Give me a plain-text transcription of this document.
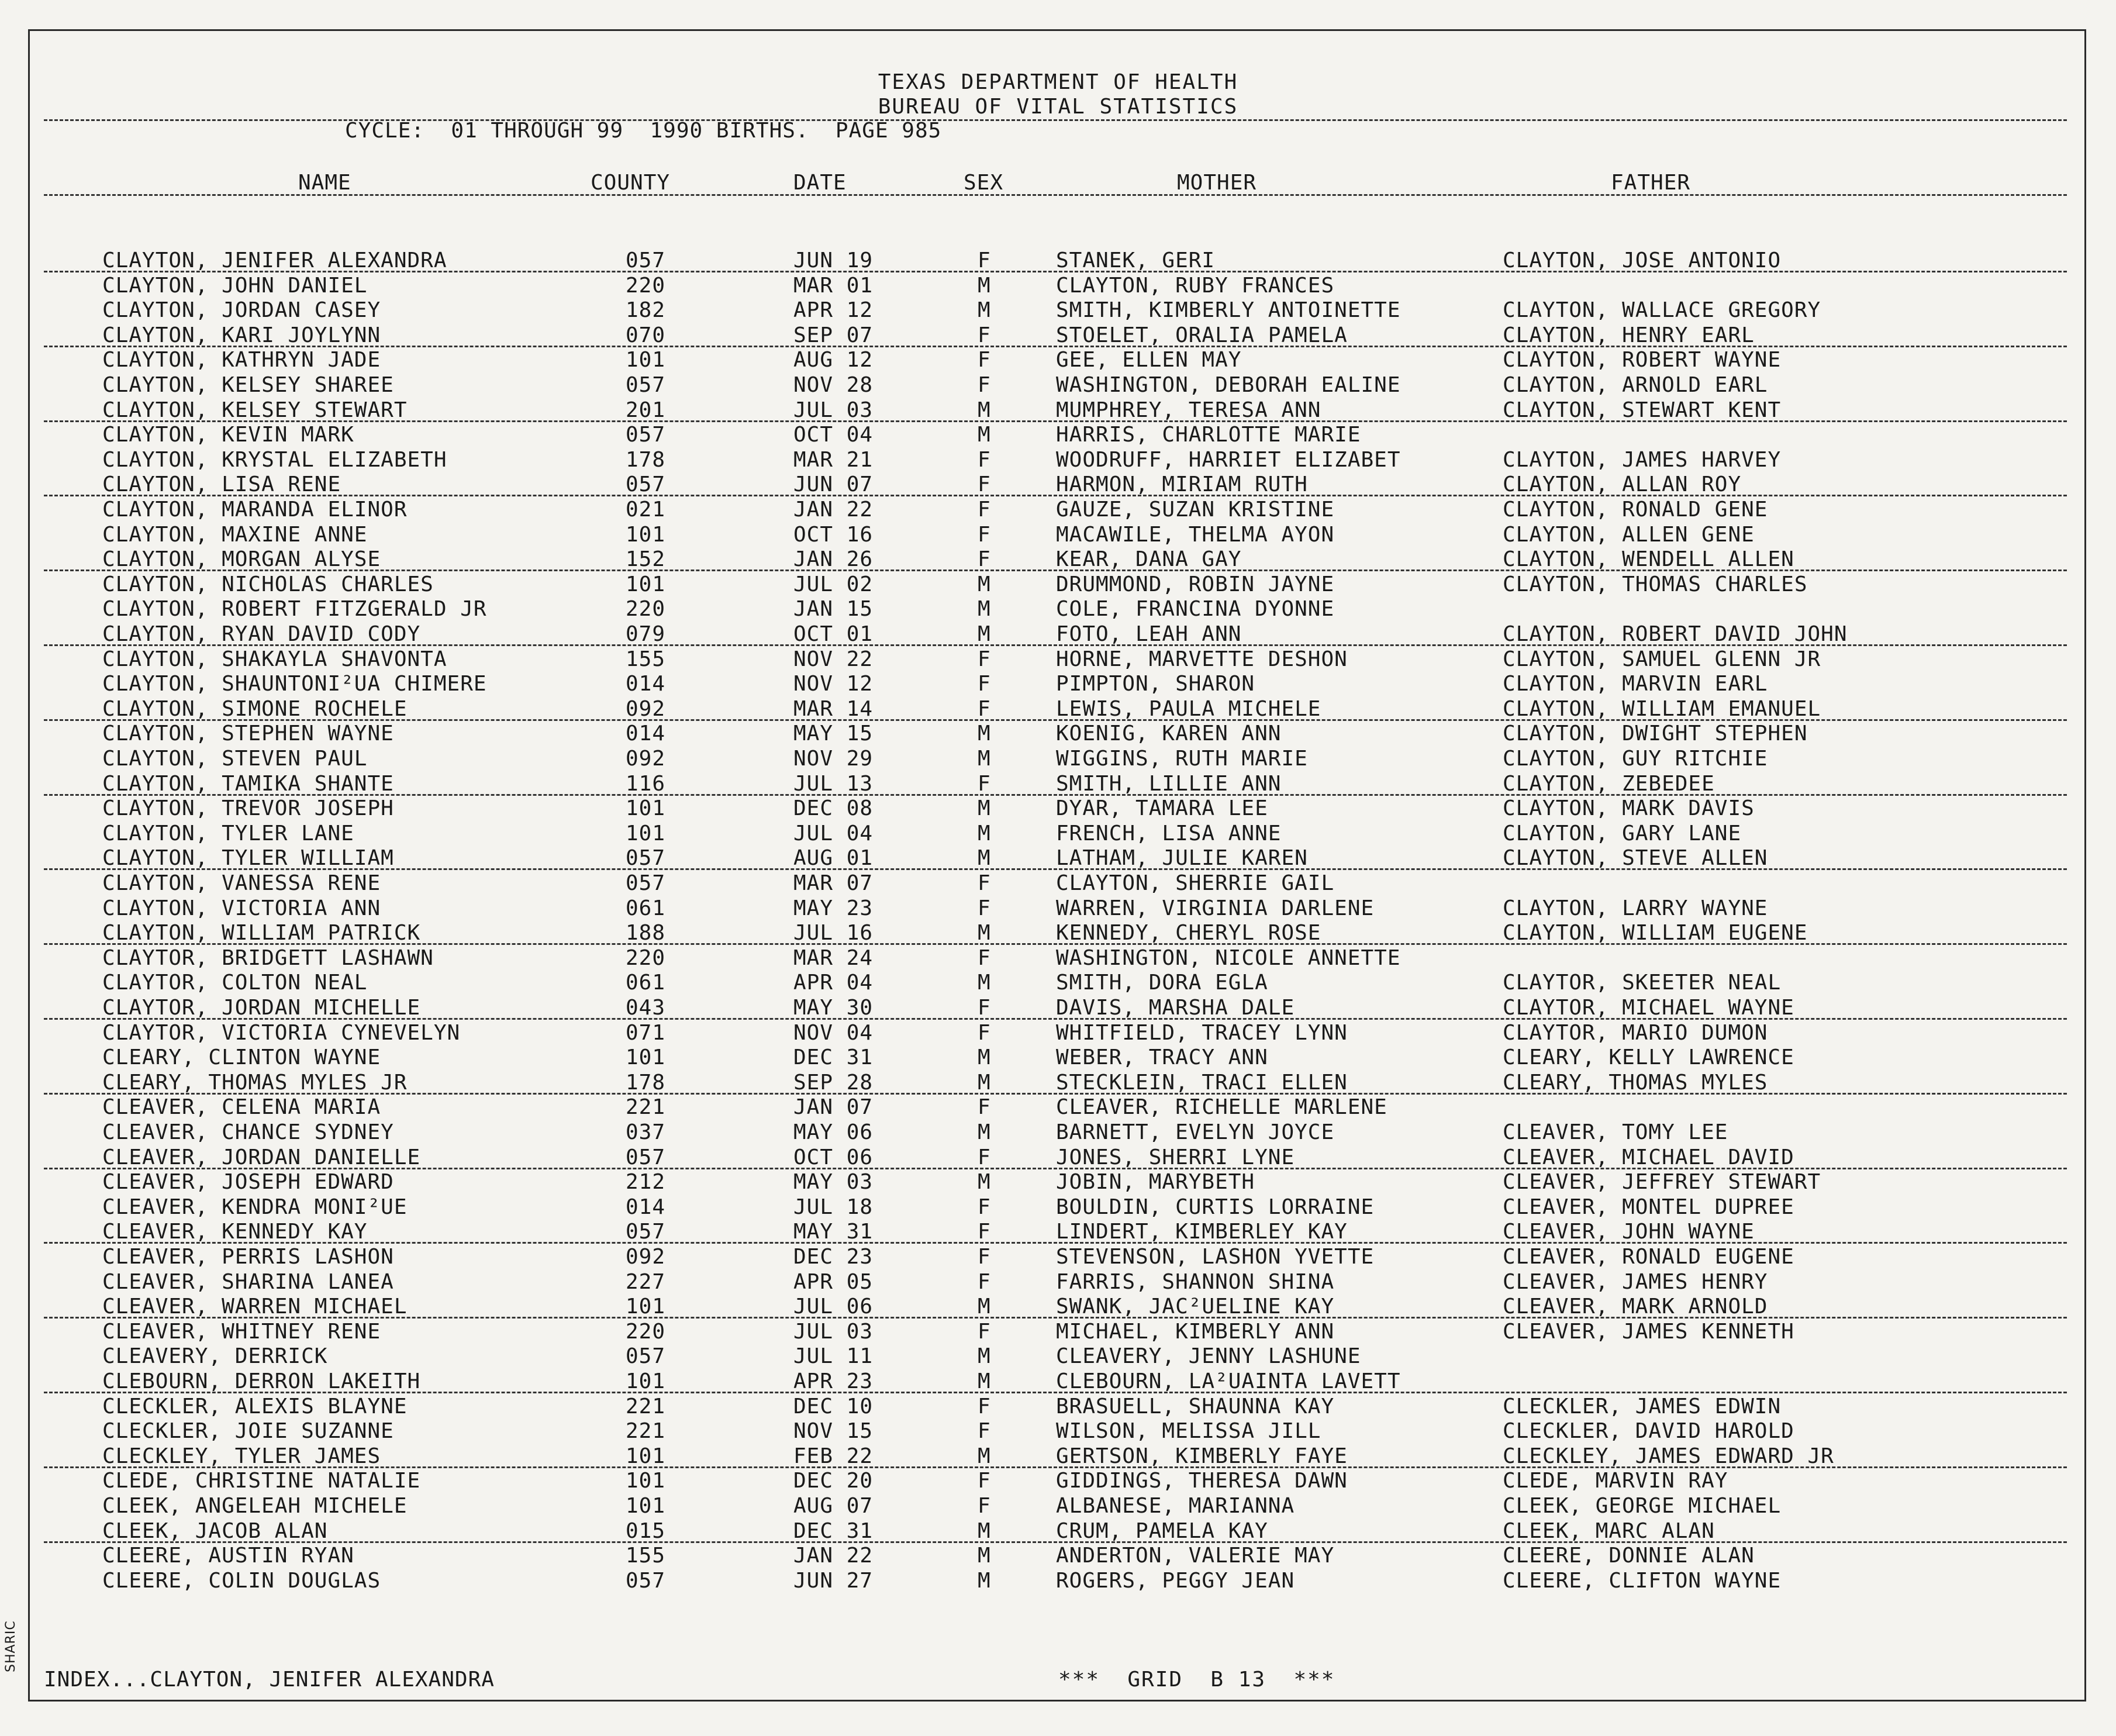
TEXAS DEPARTMENT OF HEALTH
BUREAU OF VITAL STATISTICS
CYCLE:  01 THROUGH 99  1990 BIRTHS.  PAGE 985
NAME	COUNTY	DATE	SEX	MOTHER	FATHER
CLAYTON, JENIFER ALEXANDRA	057	JUN 19	F	STANEK, GERI	CLAYTON, JOSE ANTONIO
CLAYTON, JOHN DANIEL	220	MAR 01	M	CLAYTON, RUBY FRANCES
CLAYTON, JORDAN CASEY	182	APR 12	M	SMITH, KIMBERLY ANTOINETTE	CLAYTON, WALLACE GREGORY
CLAYTON, KARI JOYLYNN	070	SEP 07	F	STOELET, ORALIA PAMELA	CLAYTON, HENRY EARL
CLAYTON, KATHRYN JADE	101	AUG 12	F	GEE, ELLEN MAY	CLAYTON, ROBERT WAYNE
CLAYTON, KELSEY SHAREE	057	NOV 28	F	WASHINGTON, DEBORAH EALINE	CLAYTON, ARNOLD EARL
CLAYTON, KELSEY STEWART	201	JUL 03	M	MUMPHREY, TERESA ANN	CLAYTON, STEWART KENT
CLAYTON, KEVIN MARK	057	OCT 04	M	HARRIS, CHARLOTTE MARIE
CLAYTON, KRYSTAL ELIZABETH	178	MAR 21	F	WOODRUFF, HARRIET ELIZABET	CLAYTON, JAMES HARVEY
CLAYTON, LISA RENE	057	JUN 07	F	HARMON, MIRIAM RUTH	CLAYTON, ALLAN ROY
CLAYTON, MARANDA ELINOR	021	JAN 22	F	GAUZE, SUZAN KRISTINE	CLAYTON, RONALD GENE
CLAYTON, MAXINE ANNE	101	OCT 16	F	MACAWILE, THELMA AYON	CLAYTON, ALLEN GENE
CLAYTON, MORGAN ALYSE	152	JAN 26	F	KEAR, DANA GAY	CLAYTON, WENDELL ALLEN
CLAYTON, NICHOLAS CHARLES	101	JUL 02	M	DRUMMOND, ROBIN JAYNE	CLAYTON, THOMAS CHARLES
CLAYTON, ROBERT FITZGERALD JR	220	JAN 15	M	COLE, FRANCINA DYONNE
CLAYTON, RYAN DAVID CODY	079	OCT 01	M	FOTO, LEAH ANN	CLAYTON, ROBERT DAVID JOHN
CLAYTON, SHAKAYLA SHAVONTA	155	NOV 22	F	HORNE, MARVETTE DESHON	CLAYTON, SAMUEL GLENN JR
CLAYTON, SHAUNTONI²UA CHIMERE	014	NOV 12	F	PIMPTON, SHARON	CLAYTON, MARVIN EARL
CLAYTON, SIMONE ROCHELE	092	MAR 14	F	LEWIS, PAULA MICHELE	CLAYTON, WILLIAM EMANUEL
CLAYTON, STEPHEN WAYNE	014	MAY 15	M	KOENIG, KAREN ANN	CLAYTON, DWIGHT STEPHEN
CLAYTON, STEVEN PAUL	092	NOV 29	M	WIGGINS, RUTH MARIE	CLAYTON, GUY RITCHIE
CLAYTON, TAMIKA SHANTE	116	JUL 13	F	SMITH, LILLIE ANN	CLAYTON, ZEBEDEE
CLAYTON, TREVOR JOSEPH	101	DEC 08	M	DYAR, TAMARA LEE	CLAYTON, MARK DAVIS
CLAYTON, TYLER LANE	101	JUL 04	M	FRENCH, LISA ANNE	CLAYTON, GARY LANE
CLAYTON, TYLER WILLIAM	057	AUG 01	M	LATHAM, JULIE KAREN	CLAYTON, STEVE ALLEN
CLAYTON, VANESSA RENE	057	MAR 07	F	CLAYTON, SHERRIE GAIL
CLAYTON, VICTORIA ANN	061	MAY 23	F	WARREN, VIRGINIA DARLENE	CLAYTON, LARRY WAYNE
CLAYTON, WILLIAM PATRICK	188	JUL 16	M	KENNEDY, CHERYL ROSE	CLAYTON, WILLIAM EUGENE
CLAYTOR, BRIDGETT LASHAWN	220	MAR 24	F	WASHINGTON, NICOLE ANNETTE
CLAYTOR, COLTON NEAL	061	APR 04	M	SMITH, DORA EGLA	CLAYTOR, SKEETER NEAL
CLAYTOR, JORDAN MICHELLE	043	MAY 30	F	DAVIS, MARSHA DALE	CLAYTOR, MICHAEL WAYNE
CLAYTOR, VICTORIA CYNEVELYN	071	NOV 04	F	WHITFIELD, TRACEY LYNN	CLAYTOR, MARIO DUMON
CLEARY, CLINTON WAYNE	101	DEC 31	M	WEBER, TRACY ANN	CLEARY, KELLY LAWRENCE
CLEARY, THOMAS MYLES JR	178	SEP 28	M	STECKLEIN, TRACI ELLEN	CLEARY, THOMAS MYLES
CLEAVER, CELENA MARIA	221	JAN 07	F	CLEAVER, RICHELLE MARLENE
CLEAVER, CHANCE SYDNEY	037	MAY 06	M	BARNETT, EVELYN JOYCE	CLEAVER, TOMY LEE
CLEAVER, JORDAN DANIELLE	057	OCT 06	F	JONES, SHERRI LYNE	CLEAVER, MICHAEL DAVID
CLEAVER, JOSEPH EDWARD	212	MAY 03	M	JOBIN, MARYBETH	CLEAVER, JEFFREY STEWART
CLEAVER, KENDRA MONI²UE	014	JUL 18	F	BOULDIN, CURTIS LORRAINE	CLEAVER, MONTEL DUPREE
CLEAVER, KENNEDY KAY	057	MAY 31	F	LINDERT, KIMBERLEY KAY	CLEAVER, JOHN WAYNE
CLEAVER, PERRIS LASHON	092	DEC 23	F	STEVENSON, LASHON YVETTE	CLEAVER, RONALD EUGENE
CLEAVER, SHARINA LANEA	227	APR 05	F	FARRIS, SHANNON SHINA	CLEAVER, JAMES HENRY
CLEAVER, WARREN MICHAEL	101	JUL 06	M	SWANK, JAC²UELINE KAY	CLEAVER, MARK ARNOLD
CLEAVER, WHITNEY RENE	220	JUL 03	F	MICHAEL, KIMBERLY ANN	CLEAVER, JAMES KENNETH
CLEAVERY, DERRICK	057	JUL 11	M	CLEAVERY, JENNY LASHUNE
CLEBOURN, DERRON LAKEITH	101	APR 23	M	CLEBOURN, LA²UAINTA LAVETT
CLECKLER, ALEXIS BLAYNE	221	DEC 10	F	BRASUELL, SHAUNNA KAY	CLECKLER, JAMES EDWIN
CLECKLER, JOIE SUZANNE	221	NOV 15	F	WILSON, MELISSA JILL	CLECKLER, DAVID HAROLD
CLECKLEY, TYLER JAMES	101	FEB 22	M	GERTSON, KIMBERLY FAYE	CLECKLEY, JAMES EDWARD JR
CLEDE, CHRISTINE NATALIE	101	DEC 20	F	GIDDINGS, THERESA DAWN	CLEDE, MARVIN RAY
CLEEK, ANGELEAH MICHELE	101	AUG 07	F	ALBANESE, MARIANNA	CLEEK, GEORGE MICHAEL
CLEEK, JACOB ALAN	015	DEC 31	M	CRUM, PAMELA KAY	CLEEK, MARC ALAN
CLEERE, AUSTIN RYAN	155	JAN 22	M	ANDERTON, VALERIE MAY	CLEERE, DONNIE ALAN
CLEERE, COLIN DOUGLAS	057	JUN 27	M	ROGERS, PEGGY JEAN	CLEERE, CLIFTON WAYNE
INDEX...CLAYTON, JENIFER ALEXANDRA	***  GRID  B 13  ***
SHARIC
